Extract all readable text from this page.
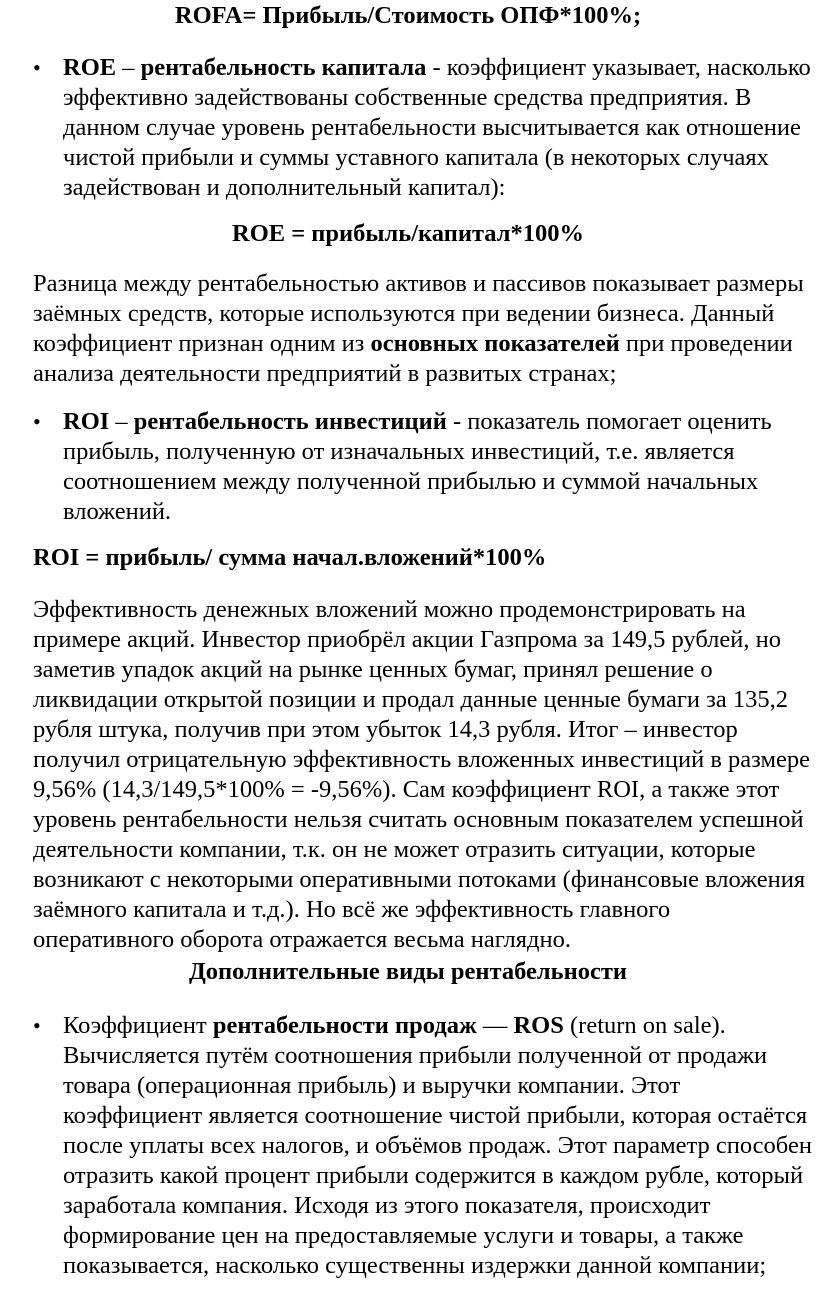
ROFA= Прибыль/Стоимость ОПФ*100%;

• ROE – рентабельность капитала - коэффициент указывает, насколько эффективно задействованы собственные средства предприятия. В данном случае уровень рентабельности высчитывается как отношение чистой прибыли и суммы уставного капитала (в некоторых случаях задействован и дополнительный капитал):

ROE = прибыль/капитал*100%

Разница между рентабельностью активов и пассивов показывает размеры заёмных средств, которые используются при ведении бизнеса. Данный коэффициент признан одним из основных показателей при проведении анализа деятельности предприятий в развитых странах;

• ROI – рентабельность инвестиций - показатель помогает оценить прибыль, полученную от изначальных инвестиций, т.е. является соотношением между полученной прибылью и суммой начальных вложений.

ROI = прибыль/ сумма начал.вложений*100%

Эффективность денежных вложений можно продемонстрировать на примере акций. Инвестор приобрёл акции Газпрома за 149,5 рублей, но заметив упадок акций на рынке ценных бумаг, принял решение о ликвидации открытой позиции и продал данные ценные бумаги за 135,2 рубля штука, получив при этом убыток 14,3 рубля. Итог – инвестор получил отрицательную эффективность вложенных инвестиций в размере 9,56% (14,3/149,5*100% = -9,56%). Сам коэффициент ROI, а также этот уровень рентабельности нельзя считать основным показателем успешной деятельности компании, т.к. он не может отразить ситуации, которые возникают с некоторыми оперативными потоками (финансовые вложения заёмного капитала и т.д.). Но всё же эффективность главного оперативного оборота отражается весьма наглядно.

Дополнительные виды рентабельности

• Коэффициент рентабельности продаж — ROS (return on sale). Вычисляется путём соотношения прибыли полученной от продажи товара (операционная прибыль) и выручки компании. Этот коэффициент является соотношение чистой прибыли, которая остаётся после уплаты всех налогов, и объёмов продаж. Этот параметр способен отразить какой процент прибыли содержится в каждом рубле, который заработала компания. Исходя из этого показателя, происходит формирование цен на предоставляемые услуги и товары, а также показывается, насколько существенны издержки данной компании;
